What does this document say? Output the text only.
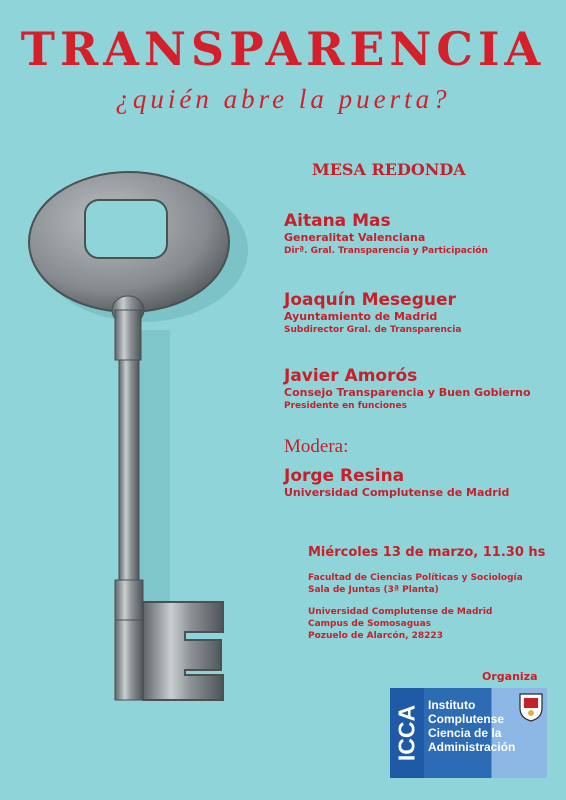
TRANSPARENCIA
¿quién abre la puerta?
MESA REDONDA
Aitana Mas
Generalitat Valenciana
Dirª. Gral. Transparencia y Participación
Joaquín Meseguer
Ayuntamiento de Madrid
Subdirector Gral. de Transparencia
Javier Amorós
Consejo Transparencia y Buen Gobierno
Presidente en funciones
Modera:
Jorge Resina
Universidad Complutense de Madrid
Miércoles 13 de marzo, 11.30 hs
Facultad de Ciencias Políticas y Sociología
Sala de Juntas (3ª Planta)
Universidad Complutense de Madrid
Campus de Somosaguas
Pozuelo de Alarcón, 28223
Organiza
ICCA Instituto
Complutense
Ciencia de la
Administración
